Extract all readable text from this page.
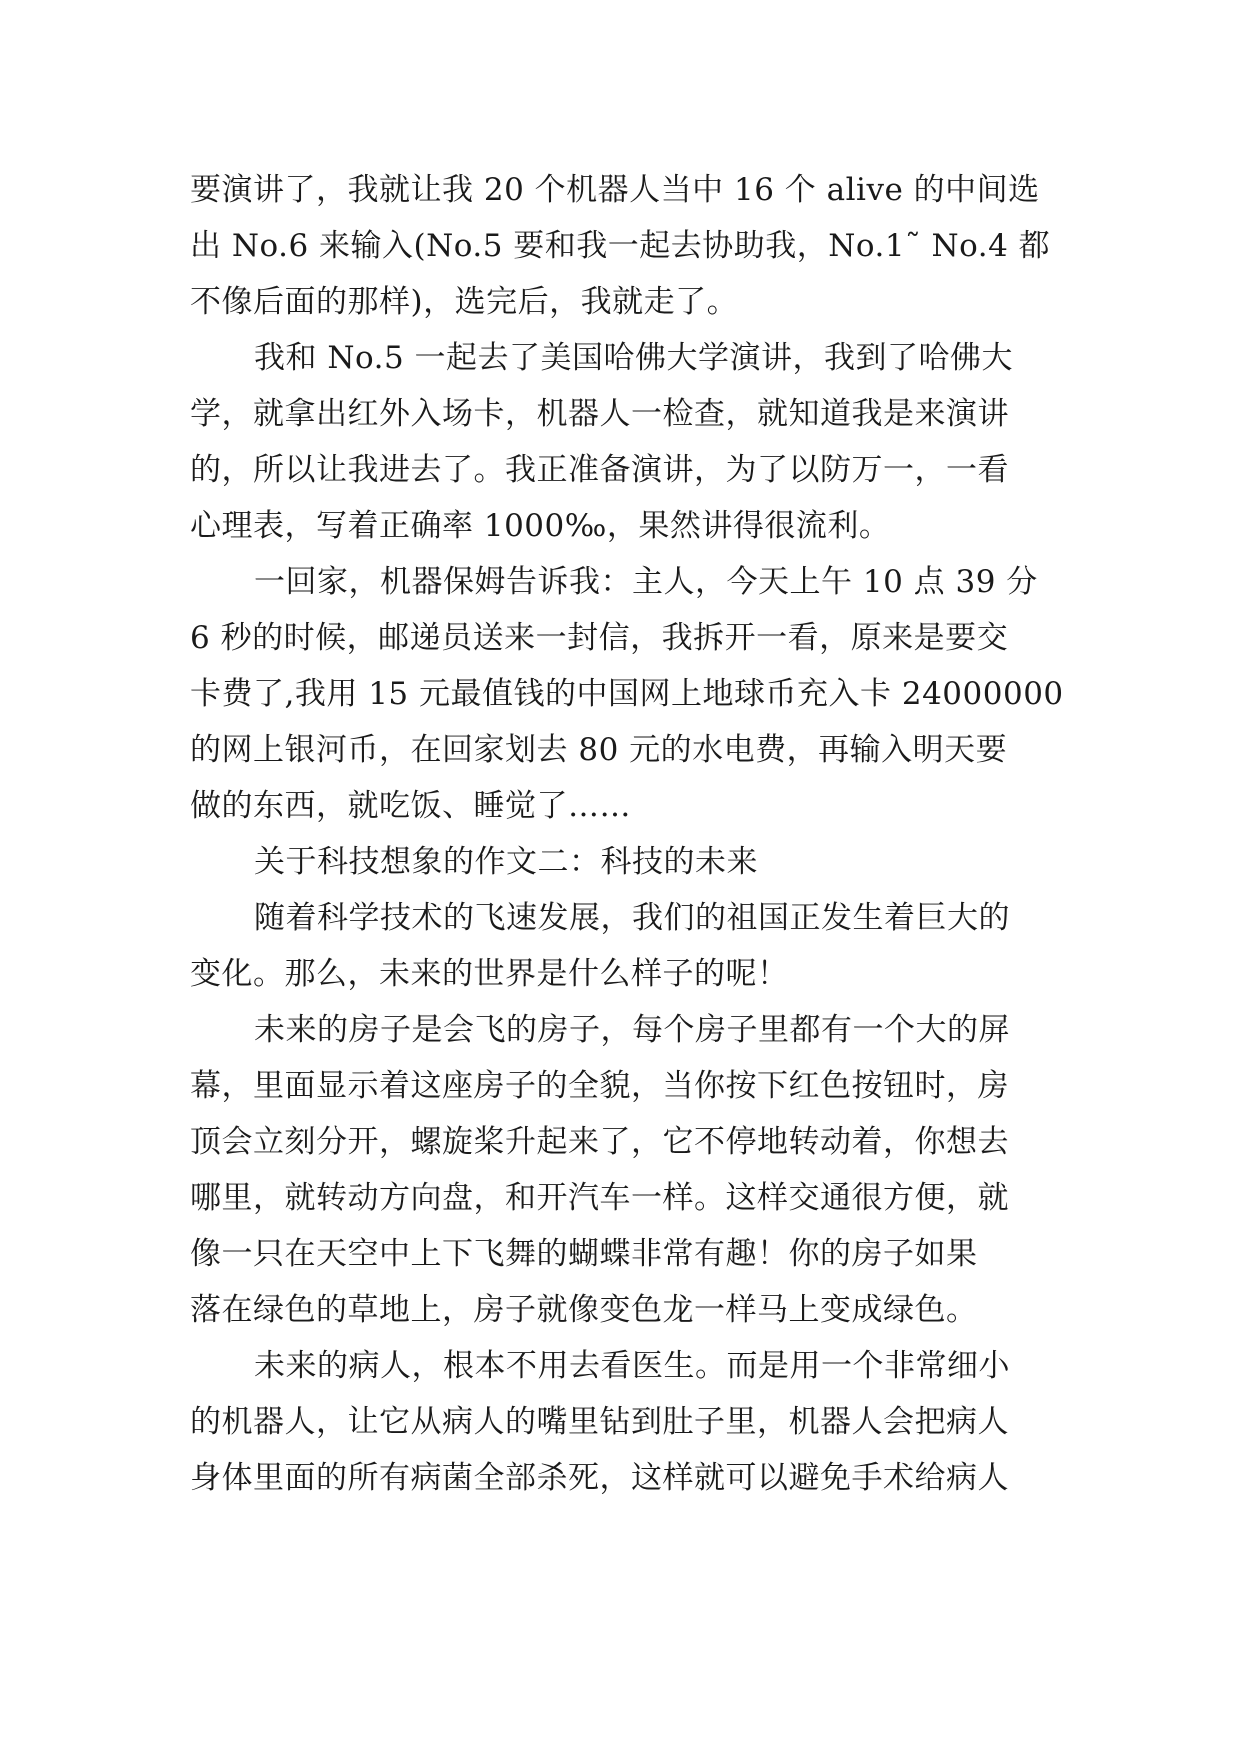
要演讲了，我就让我 20 个机器人当中 16 个 alive 的中间选
出 No.6 来输入(No.5 要和我一起去协助我，No.1˜ No.4 都
不像后面的那样)，选完后，我就走了。
我和 No.5 一起去了美国哈佛大学演讲，我到了哈佛大
学，就拿出红外入场卡，机器人一检查，就知道我是来演讲
的，所以让我进去了。我正准备演讲，为了以防万一，一看
心理表，写着正确率 1000‰，果然讲得很流利。
一回家，机器保姆告诉我：主人，今天上午 10 点 39 分
6 秒的时候，邮递员送来一封信，我拆开一看，原来是要交
卡费了,我用 15 元最值钱的中国网上地球币充入卡 24000000
的网上银河币，在回家划去 80 元的水电费，再输入明天要
做的东西，就吃饭、睡觉了……
关于科技想象的作文二：科技的未来
随着科学技术的飞速发展，我们的祖国正发生着巨大的
变化。那么，未来的世界是什么样子的呢！
未来的房子是会飞的房子，每个房子里都有一个大的屏
幕，里面显示着这座房子的全貌，当你按下红色按钮时，房
顶会立刻分开，螺旋桨升起来了，它不停地转动着，你想去
哪里，就转动方向盘，和开汽车一样。这样交通很方便，就
像一只在天空中上下飞舞的蝴蝶非常有趣！你的房子如果
落在绿色的草地上，房子就像变色龙一样马上变成绿色。
未来的病人，根本不用去看医生。而是用一个非常细小
的机器人，让它从病人的嘴里钻到肚子里，机器人会把病人
身体里面的所有病菌全部杀死，这样就可以避免手术给病人
